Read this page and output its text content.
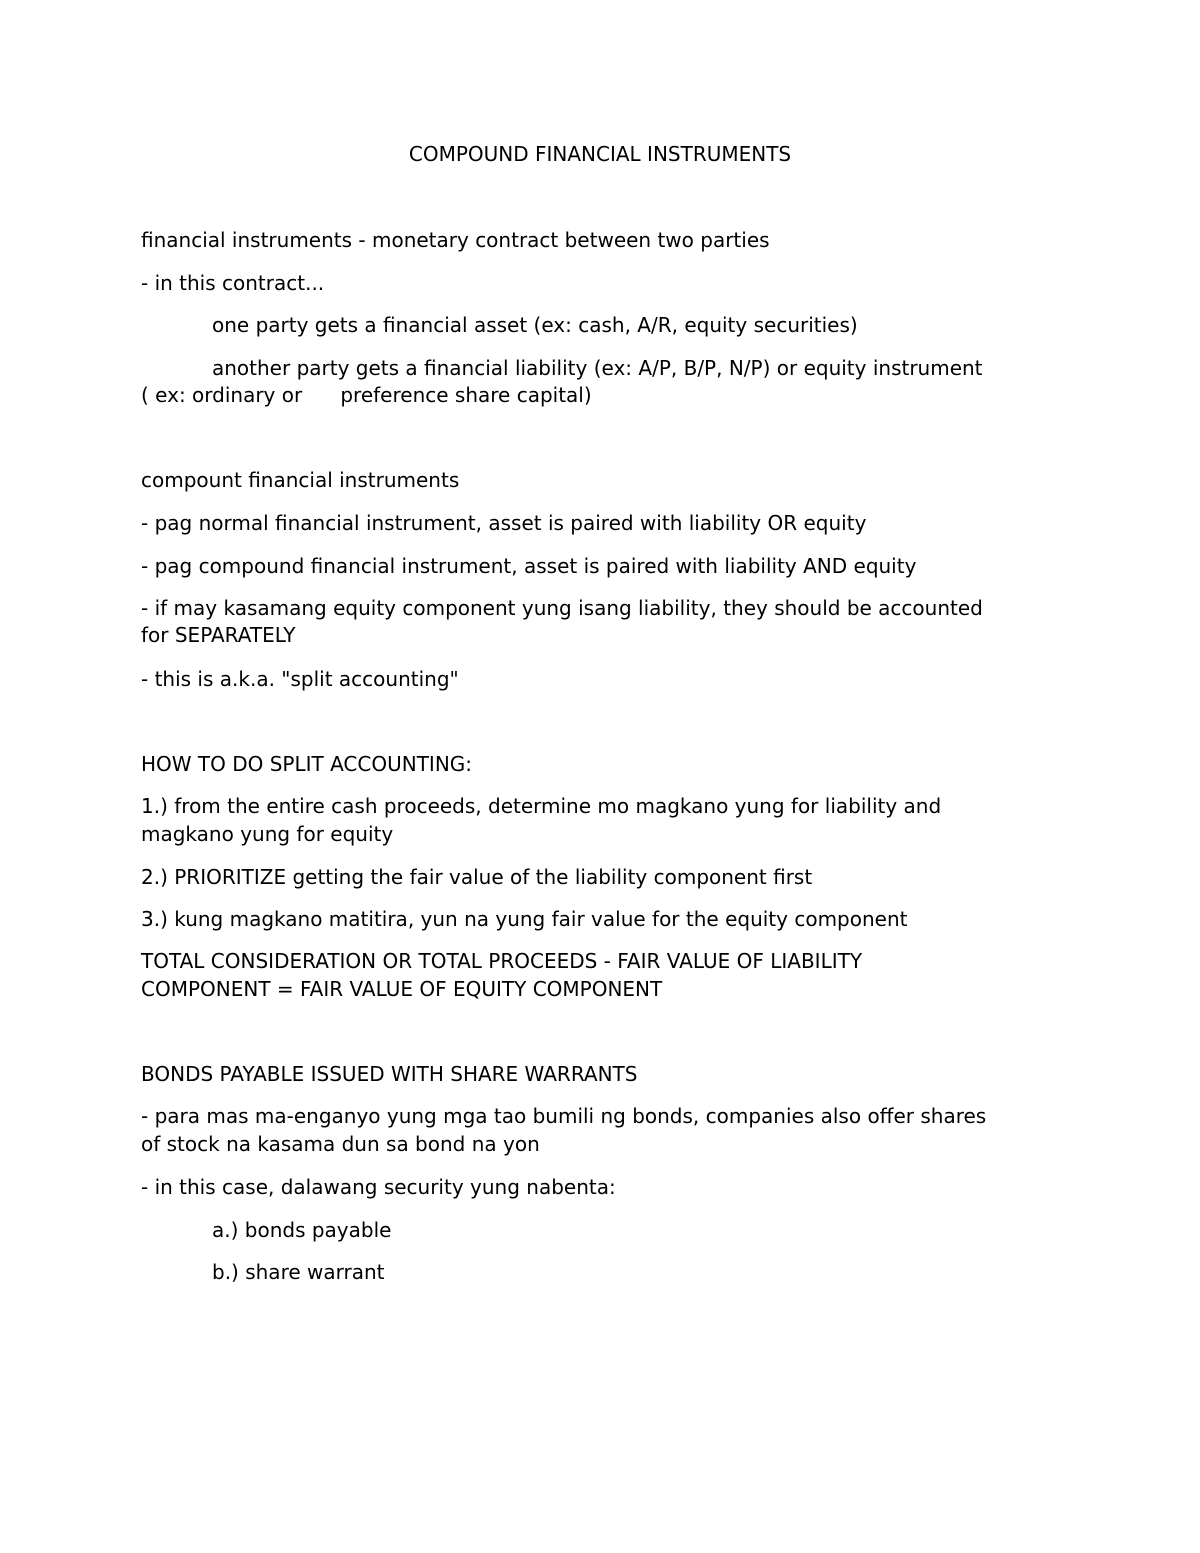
COMPOUND FINANCIAL INSTRUMENTS
financial instruments - monetary contract between two parties
- in this contract...
one party gets a financial asset (ex: cash, A/R, equity securities)
another party gets a financial liability (ex: A/P, B/P, N/P) or equity instrument
( ex: ordinary or      preference share capital)
compount financial instruments
- pag normal financial instrument, asset is paired with liability OR equity
- pag compound financial instrument, asset is paired with liability AND equity
- if may kasamang equity component yung isang liability, they should be accounted
for SEPARATELY
- this is a.k.a. "split accounting"
HOW TO DO SPLIT ACCOUNTING:
1.) from the entire cash proceeds, determine mo magkano yung for liability and
magkano yung for equity
2.) PRIORITIZE getting the fair value of the liability component first
3.) kung magkano matitira, yun na yung fair value for the equity component
TOTAL CONSIDERATION OR TOTAL PROCEEDS - FAIR VALUE OF LIABILITY
COMPONENT = FAIR VALUE OF EQUITY COMPONENT
BONDS PAYABLE ISSUED WITH SHARE WARRANTS
- para mas ma-enganyo yung mga tao bumili ng bonds, companies also offer shares
of stock na kasama dun sa bond na yon
- in this case, dalawang security yung nabenta:
a.) bonds payable
b.) share warrant
